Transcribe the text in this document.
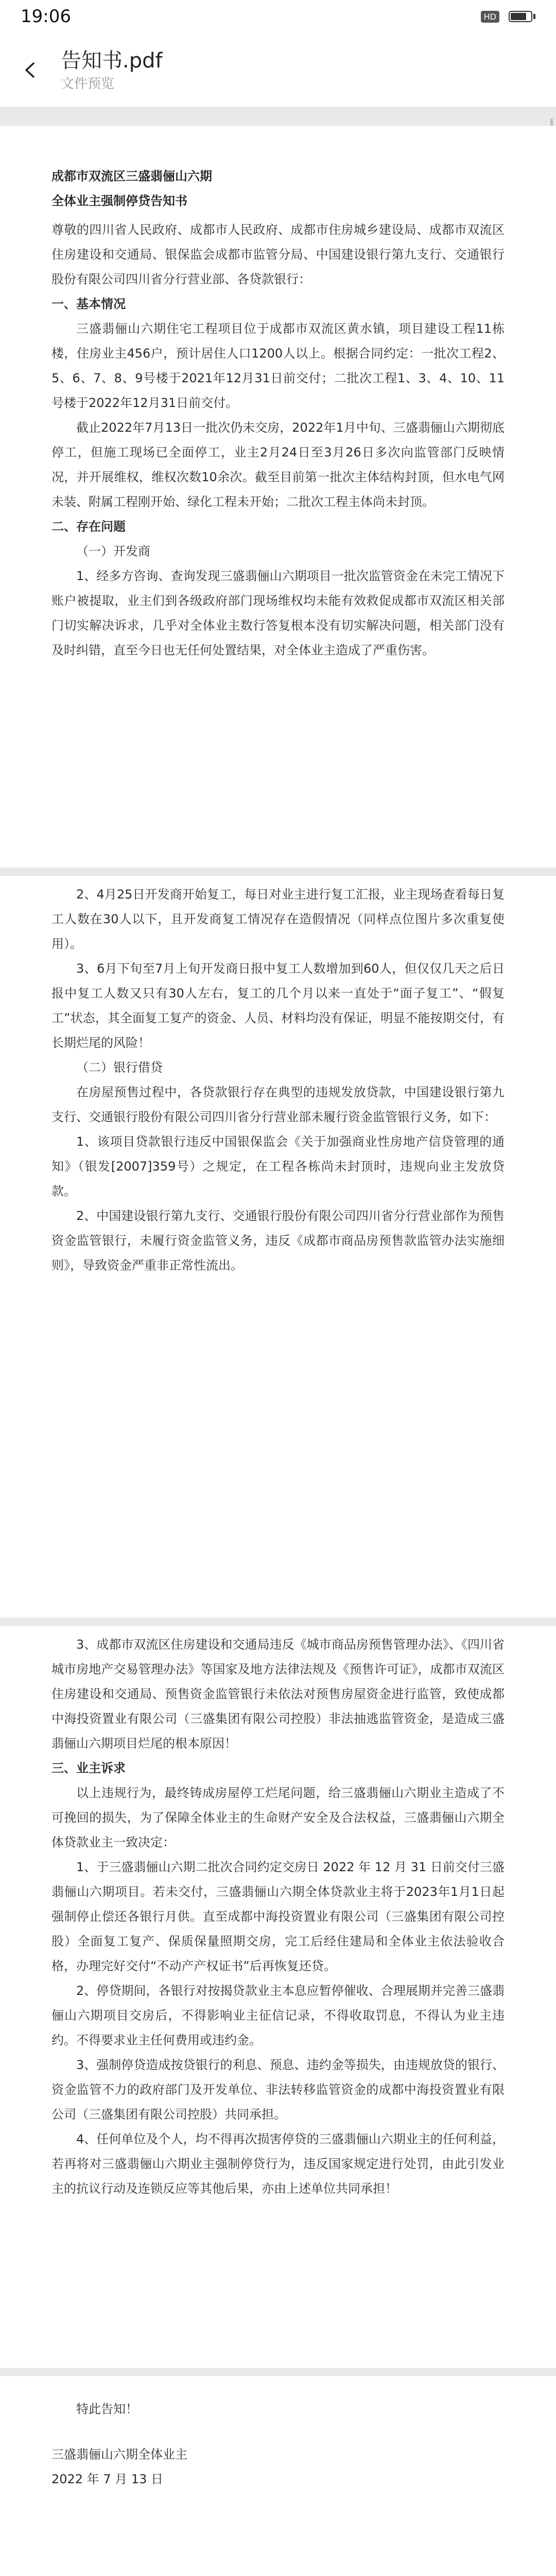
19:06	HD
告知书.pdf
文件预览

成都市双流区三盛翡俪山六期

全体业主强制停贷告知书

尊敬的四川省人民政府、成都市人民政府、成都市住房城乡建设局、成都市双流区住房建设和交通局、银保监会成都市监管分局、中国建设银行第九支行、交通银行股份有限公司四川省分行营业部、各贷款银行：

一、基本情况

三盛翡俪山六期住宅工程项目位于成都市双流区黄水镇，项目建设工程11栋楼，住房业主456户，预计居住人口1200人以上。根据合同约定：一批次工程2、5、6、7、8、9号楼于2021年12月31日前交付；二批次工程1、3、4、10、11号楼于2022年12月31日前交付。

截止2022年7月13日一批次仍未交房，2022年1月中旬、三盛翡俪山六期彻底停工，但施工现场已全面停工，业主2月24日至3月26日多次向监管部门反映情况，并开展维权，维权次数10余次。截至目前第一批次主体结构封顶，但水电气网未装、附属工程刚开始、绿化工程未开始；二批次工程主体尚未封顶。

二、存在问题

（一）开发商

1、经多方咨询、查询发现三盛翡俪山六期项目一批次监管资金在未完工情况下账户被提取，业主们到各级政府部门现场维权均未能有效救促成都市双流区相关部门切实解决诉求，几乎对全体业主数行答复根本没有切实解决问题，相关部门没有及时纠错，直至今日也无任何处置结果，对全体业主造成了严重伤害。

2、4月25日开发商开始复工，每日对业主进行复工汇报，业主现场查看每日复工人数在30人以下，且开发商复工情况存在造假情况（同样点位图片多次重复使用）。

3、6月下旬至7月上旬开发商日报中复工人数增加到60人，但仅仅几天之后日报中复工人数又只有30人左右，复工的几个月以来一直处于“面子复工”、“假复工”状态，其全面复工复产的资金、人员、材料均没有保证，明显不能按期交付，有长期烂尾的风险！

（二）银行借贷

在房屋预售过程中，各贷款银行存在典型的违规发放贷款，中国建设银行第九支行、交通银行股份有限公司四川省分行营业部未履行资金监管银行义务，如下：

1、该项目贷款银行违反中国银保监会《关于加强商业性房地产信贷管理的通知》（银发[2007]359号）之规定，在工程各栋尚未封顶时，违规向业主发放贷款。

2、中国建设银行第九支行、交通银行股份有限公司四川省分行营业部作为预售资金监管银行，未履行资金监管义务，违反《成都市商品房预售款监管办法实施细则》，导致资金严重非正常性流出。

3、成都市双流区住房建设和交通局违反《城市商品房预售管理办法》、《四川省城市房地产交易管理办法》等国家及地方法律法规及《预售许可证》，成都市双流区住房建设和交通局、预售资金监管银行未依法对预售房屋资金进行监管，致使成都中海投资置业有限公司（三盛集团有限公司控股）非法抽逃监管资金，是造成三盛翡俪山六期项目烂尾的根本原因！

三、业主诉求

以上违规行为，最终铸成房屋停工烂尾问题，给三盛翡俪山六期业主造成了不可挽回的损失，为了保障全体业主的生命财产安全及合法权益，三盛翡俪山六期全体贷款业主一致决定：

1、于三盛翡俪山六期二批次合同约定交房日 2022 年 12 月 31 日前交付三盛翡俪山六期项目。若未交付，三盛翡俪山六期全体贷款业主将于2023年1月1日起强制停止偿还各银行月供。直至成都中海投资置业有限公司（三盛集团有限公司控股）全面复工复产、保质保量照期交房，完工后经住建局和全体业主依法验收合格，办理完好交付“不动产产权证书”后再恢复还贷。

2、停贷期间，各银行对按揭贷款业主本息应暂停催收、合理展期并完善三盛翡俪山六期项目交房后，不得影响业主征信记录，不得收取罚息，不得认为业主违约。不得要求业主任何费用或违约金。

3、强制停贷造成按贷银行的利息、预息、违约金等损失，由违规放贷的银行、资金监管不力的政府部门及开发单位、非法转移监管资金的成都中海投资置业有限公司（三盛集团有限公司控股）共同承担。

4、任何单位及个人，均不得再次损害停贷的三盛翡俪山六期业主的任何利益，若再将对三盛翡俪山六期业主强制停贷行为，违反国家规定进行处罚，由此引发业主的抗议行动及连锁反应等其他后果，亦由上述单位共同承担！

特此告知！

三盛翡俪山六期全体业主

2022 年 7 月 13 日
